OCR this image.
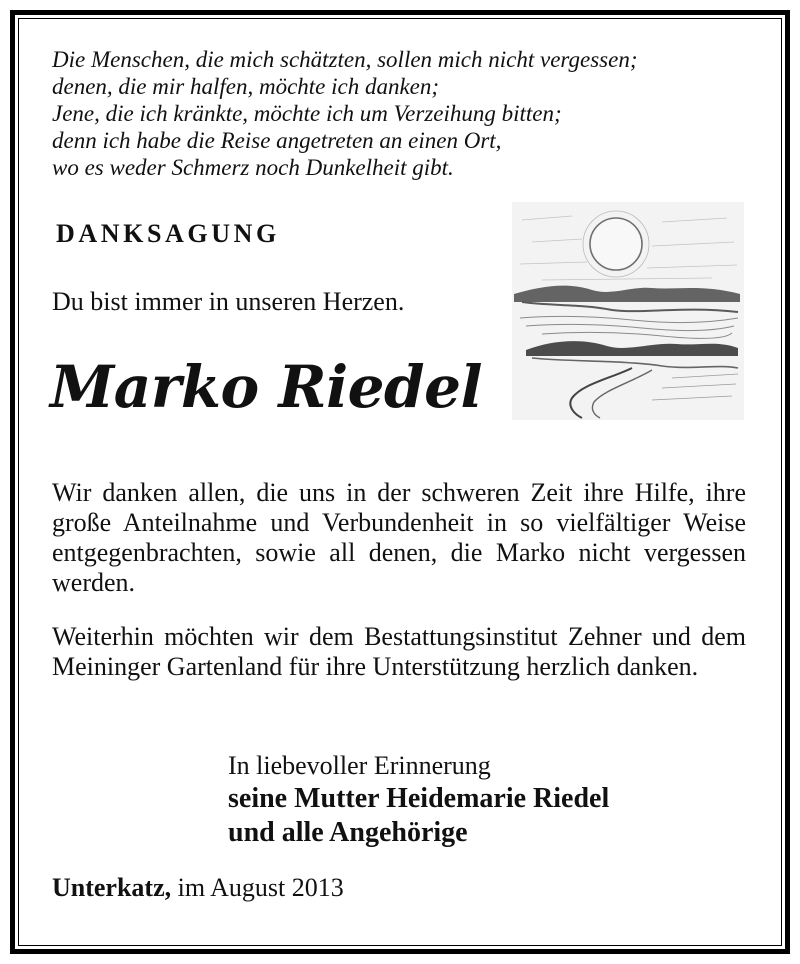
Die Menschen, die mich schätzten, sollen mich nicht vergessen;
denen, die mir halfen, möchte ich danken;
Jene, die ich kränkte, möchte ich um Verzeihung bitten;
denn ich habe die Reise angetreten an einen Ort,
wo es weder Schmerz noch Dunkelheit gibt.

DANKSAGUNG

Du bist immer in unseren Herzen.

Marko Riedel

Wir danken allen, die uns in der schweren Zeit ihre Hilfe, ihre große Anteilnahme und Verbundenheit in so vielfältiger Weise entgegenbrachten, sowie all denen, die Marko nicht vergessen werden.

Weiterhin möchten wir dem Bestattungsinstitut Zehner und dem Meininger Gartenland für ihre Unterstützung herzlich danken.

In liebevoller Erinnerung
seine Mutter Heidemarie Riedel
und alle Angehörige

Unterkatz, im August 2013
